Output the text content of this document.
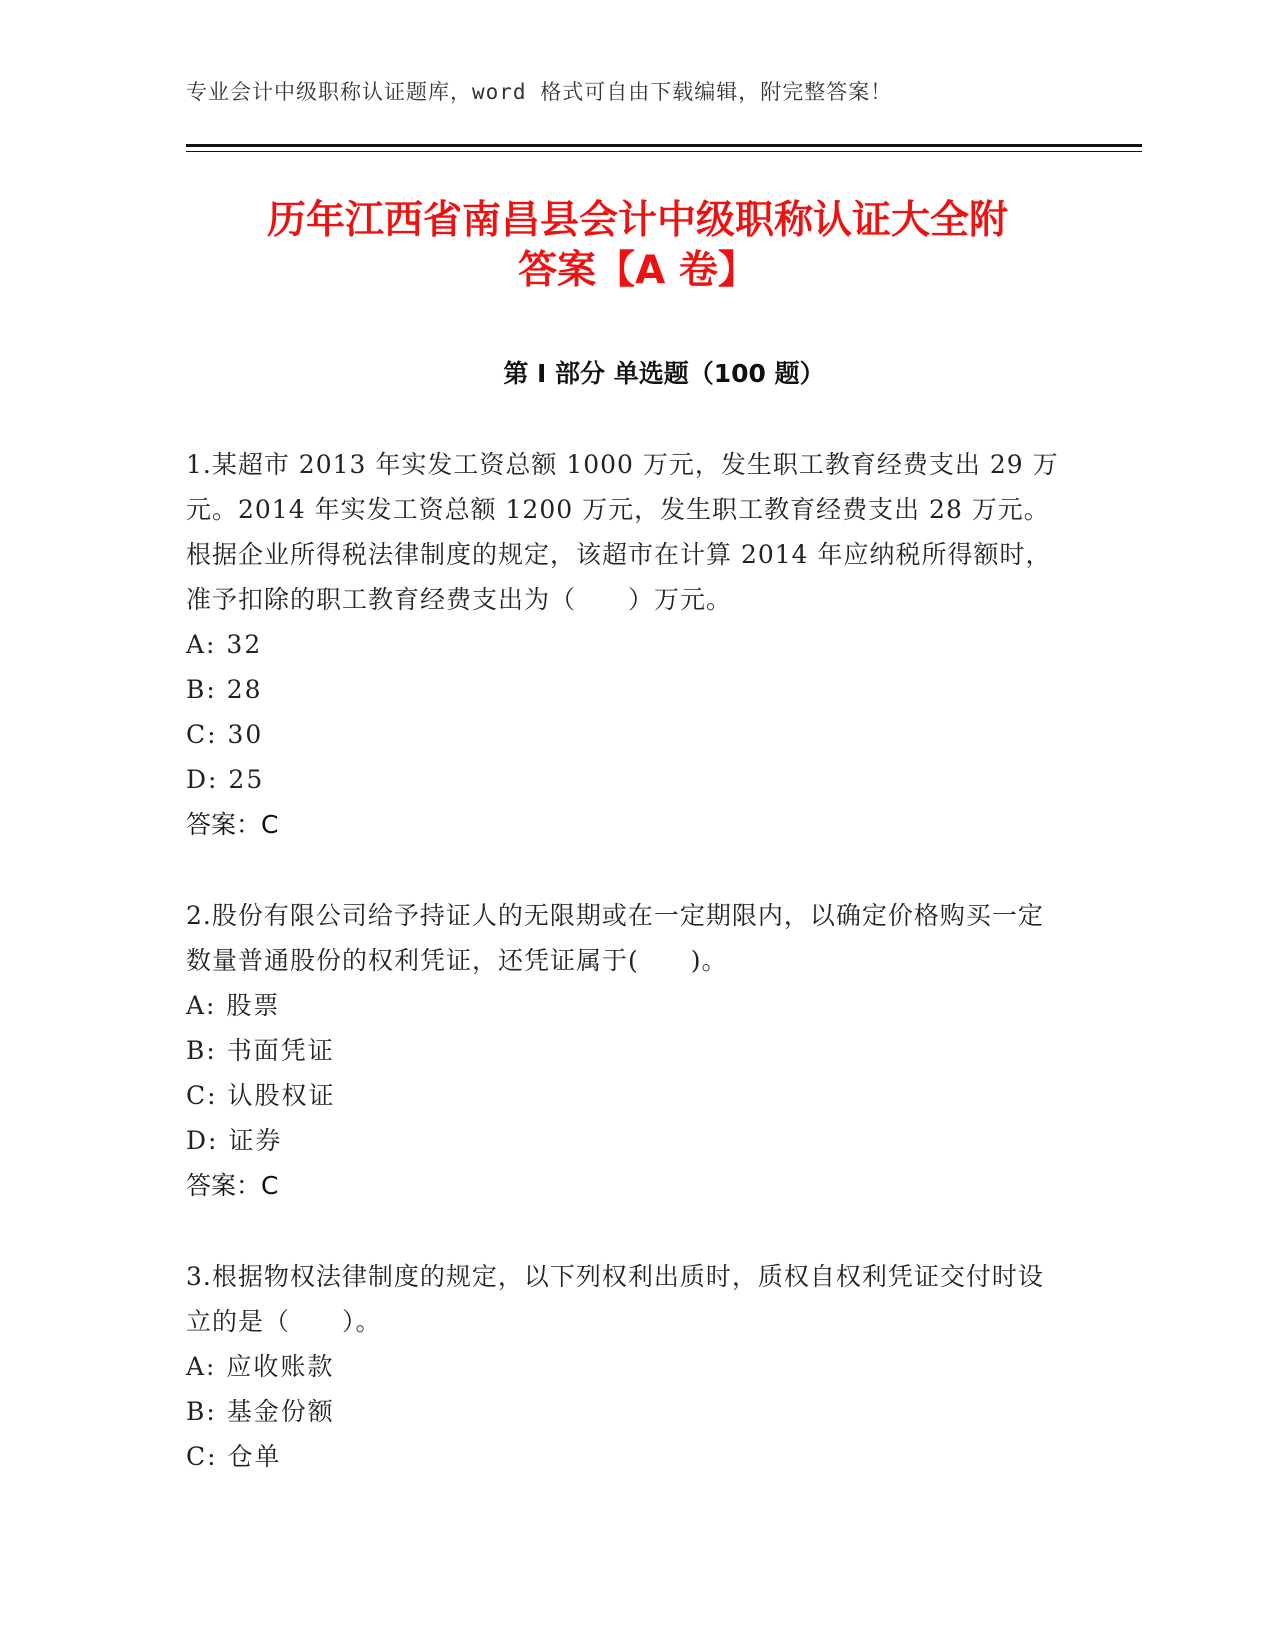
专业会计中级职称认证题库，word 格式可自由下载编辑，附完整答案！
历年江西省南昌县会计中级职称认证大全附
答案【A 卷】
第 I 部分 单选题（100 题）
1.某超市 2013 年实发工资总额 1000 万元，发生职工教育经费支出 29 万元。2014 年实发工资总额 1200 万元，发生职工教育经费支出 28 万元。根据企业所得税法律制度的规定，该超市在计算 2014 年应纳税所得额时，准予扣除的职工教育经费支出为（　　）万元。
A: 32
B: 28
C: 30
D: 25
答案：C
2.股份有限公司给予持证人的无限期或在一定期限内，以确定价格购买一定数量普通股份的权利凭证，还凭证属于(　　)。
A: 股票
B: 书面凭证
C: 认股权证
D: 证券
答案：C
3.根据物权法律制度的规定，以下列权利出质时，质权自权利凭证交付时设立的是（　　）。
A: 应收账款
B: 基金份额
C: 仓单
